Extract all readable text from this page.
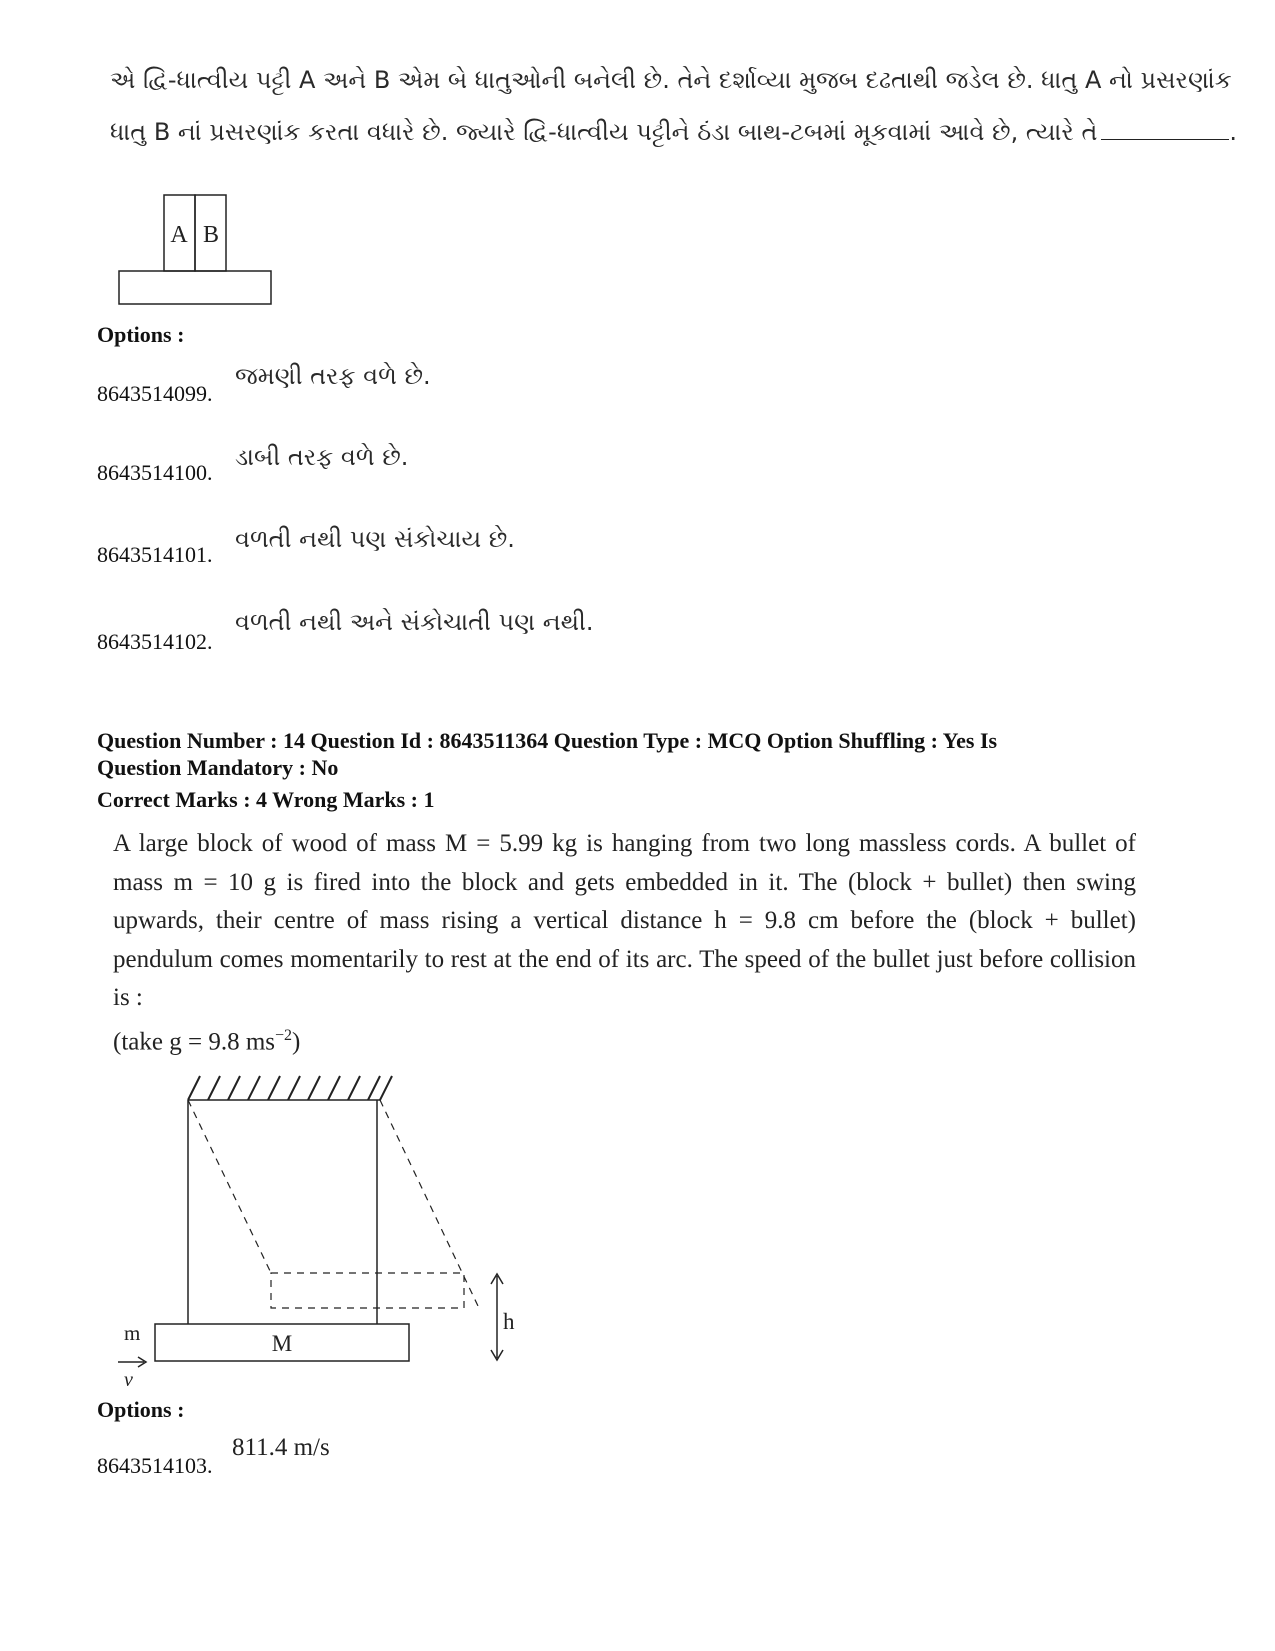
એ દ્વિ-ધાત્વીય પટ્ટી A અને B એમ બે ધાતુઓની બનેલી છે. તેને દર્શાવ્યા મુજબ દઢતાથી જડેલ છે. ધાતુ A નો પ્રસરણાંક
ધાતુ B નાં પ્રસરણાંક કરતા વધારે છે. જ્યારે દ્વિ-ધાત્વીય પટ્ટીને ઠંડા બાથ-ટબમાં મૂકવામાં આવે છે, ત્યારે તે	.
A B
Options :
8643514099.
જમણી તરફ વળે છે.
8643514100.
ડાબી તરફ વળે છે.
8643514101.
વળતી નથી પણ સંકોચાય છે.
8643514102.
વળતી નથી અને સંકોચાતી પણ નથી.
Question Number : 14 Question Id : 8643511364 Question Type : MCQ Option Shuffling : Yes Is
Question Mandatory : No
Correct Marks : 4 Wrong Marks : 1
A large block of wood of mass M = 5.99 kg is hanging from two long massless cords. A bullet of mass m = 10 g is fired into the block and gets embedded in it. The (block + bullet) then swing upwards, their centre of mass rising a vertical distance h = 9.8 cm before the (block + bullet) pendulum comes momentarily to rest at the end of its arc. The speed of the bullet just before collision is :
(take g = 9.8 $ms^{-2}$)
M
h
m
v
Options :
8643514103.
811.4 m/s
